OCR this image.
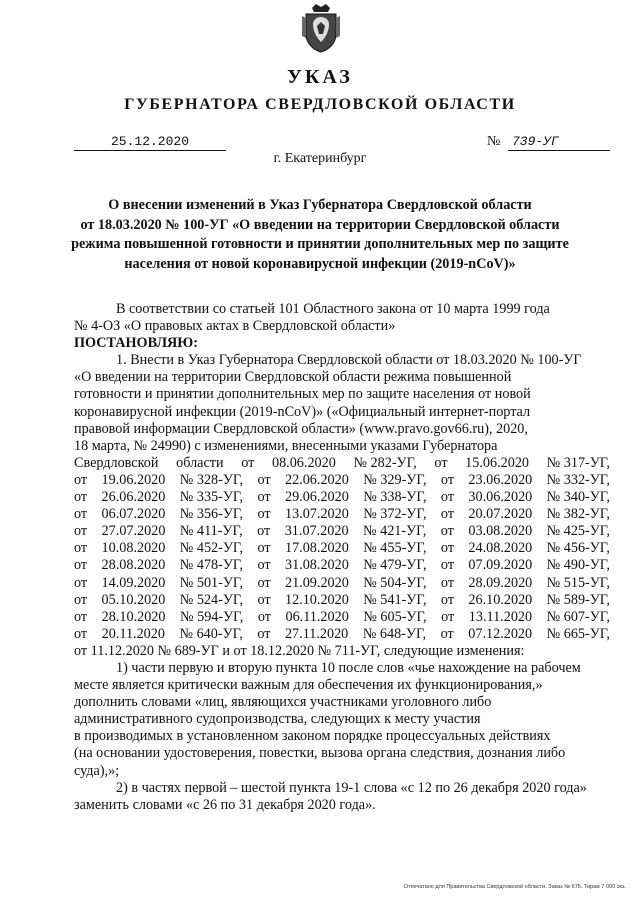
УКАЗ
ГУБЕРНАТОРА СВЕРДЛОВСКОЙ ОБЛАСТИ
25.12.2020	№ 739-УГ
г. Екатеринбург
О внесении изменений в Указ Губернатора Свердловской области
от 18.03.2020 № 100-УГ «О введении на территории Свердловской области
режима повышенной готовности и принятии дополнительных мер по защите
населения от новой коронавирусной инфекции (2019-nCoV)»

В соответствии со статьей 101 Областного закона от 10 марта 1999 года

№ 4-ОЗ «О правовых актах в Свердловской области»

ПОСТАНОВЛЯЮ:

1. Внести в Указ Губернатора Свердловской области от 18.03.2020 № 100-УГ

«О введении на территории Свердловской области режима повышенной

готовности и принятии дополнительных мер по защите населения от новой

коронавирусной инфекции (2019-nCoV)» («Официальный интернет-портал

правовой информации Свердловской области» (www.pravo.gov66.ru), 2020,

18 марта, № 24990) с изменениями, внесенными указами Губернатора

Свердловской области от 08.06.2020 № 282-УГ, от 15.06.2020 № 317-УГ,
от 19.06.2020 № 328-УГ, от 22.06.2020 № 329-УГ, от 23.06.2020 № 332-УГ,
от 26.06.2020 № 335-УГ, от 29.06.2020 № 338-УГ, от 30.06.2020 № 340-УГ,
от 06.07.2020 № 356-УГ, от 13.07.2020 № 372-УГ, от 20.07.2020 № 382-УГ,
от 27.07.2020 № 411-УГ, от 31.07.2020 № 421-УГ, от 03.08.2020 № 425-УГ,
от 10.08.2020 № 452-УГ, от 17.08.2020 № 455-УГ, от 24.08.2020 № 456-УГ,
от 28.08.2020 № 478-УГ, от 31.08.2020 № 479-УГ, от 07.09.2020 № 490-УГ,
от 14.09.2020 № 501-УГ, от 21.09.2020 № 504-УГ, от 28.09.2020 № 515-УГ,
от 05.10.2020 № 524-УГ, от 12.10.2020 № 541-УГ, от 26.10.2020 № 589-УГ,
от 28.10.2020 № 594-УГ, от 06.11.2020 № 605-УГ, от 13.11.2020 № 607-УГ,
от 20.11.2020 № 640-УГ, от 27.11.2020 № 648-УГ, от 07.12.2020 № 665-УГ,

от 11.12.2020 № 689-УГ и от 18.12.2020 № 711-УГ, следующие изменения:

1) части первую и вторую пункта 10 после слов «чье нахождение на рабочем

месте является критически важным для обеспечения их функционирования,»

дополнить словами «лиц, являющихся участниками уголовного либо

административного судопроизводства, следующих к месту участия

в производимых в установленном законом порядке процессуальных действиях

(на основании удостоверения, повестки, вызова органа следствия, дознания либо

суда),»;

2) в частях первой – шестой пункта 19-1 слова «с 12 по 26 декабря 2020 года»

заменить словами «с 26 по 31 декабря 2020 года».

Отпечатано для Правительства Свердловской области. Заказ № 675. Тираж 7 000 экз.
